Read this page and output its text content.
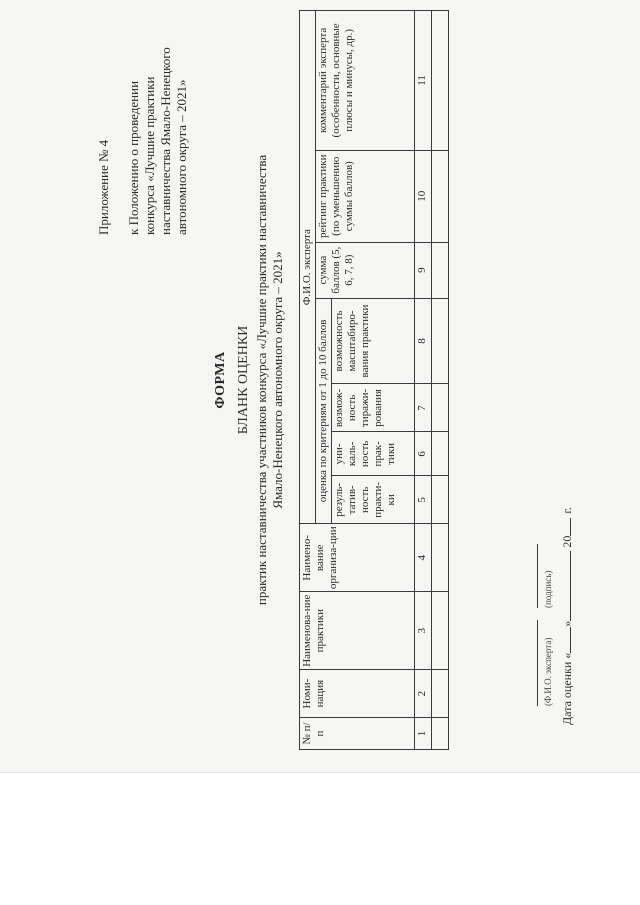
Приложение № 4 к Положению о проведении конкурса «Лучшие практики наставничества Ямало-Ненецкого автономного округа – 2021»
ФОРМА БЛАНК ОЦЕНКИ практик наставничества участников конкурса «Лучшие практики наставничества Ямало-Ненецкого автономного округа – 2021»
№ п/п	Номи-нация	Наименова-ние практики	Наимено-вание организа-ции	Ф.И.О. эксперта						
				оценка по критериям от 1 до 10 баллов				сумма баллов (5, 6, 7, 8)	рейтинг практики (по уменьшению суммы баллов)	комментарий эксперта (особенности, основные плюсы и минусы, др.)
				резуль-татив-ность практи-ки	уни-каль-ность прак-тики	возмож-ность тиражи-рования	возможность масштабиро-вания практики			
1	2	3	4	5	6	7	8	9	10	11

(Ф.И.О. эксперта)
(подпись)
Дата оценки «»20г.
